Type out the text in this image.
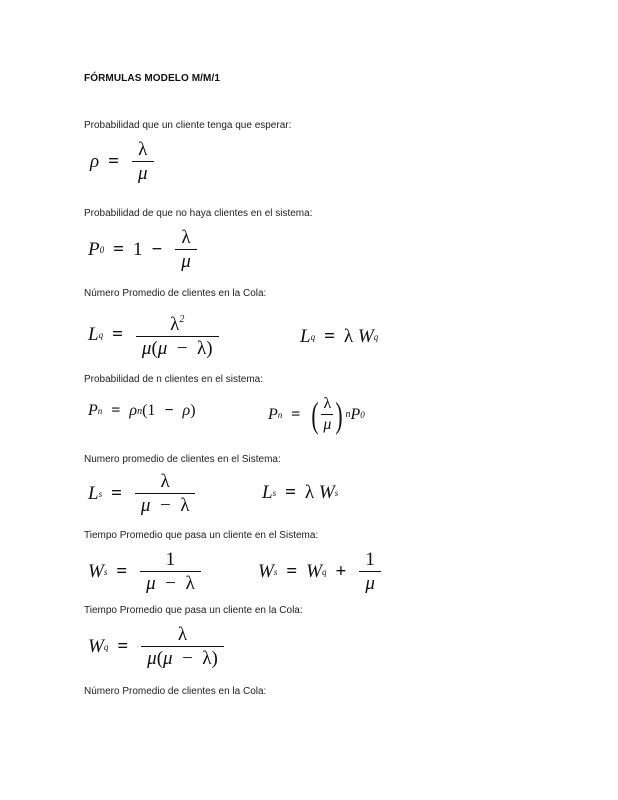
FÓRMULAS MODELO M/M/1
Probabilidad que un cliente tenga que esperar:
$\rho = \frac{\lambda}{\mu}$
Probabilidad de que no haya clientes en el sistema:
P $0 = 1 - \frac{\lambda}{\mu}$
Número Promedio de clientes en la Cola:
L $q = \frac{\lambda^2}{\mu(\mu - \lambda)}$	L q = λ
W q
Probabilidad de n clientes en el sistema:
P n = ρ n ( 1 − ρ )	P n = ( $\frac{\lambda}{\mu}$ ) n P 0
Numero promedio de clientes en el Sistema:
L $s = \frac{\lambda}{\mu - \lambda}$	L s = λ
W s
Tiempo Promedio que pasa un cliente en el Sistema:
W $s = \frac{1}{\mu - \lambda}$	W s = W $q + \frac{1}{\mu}$
Tiempo Promedio que pasa un cliente en la Cola:
W $q = \frac{\lambda}{\mu(\mu - \lambda)}$
Número Promedio de clientes en la Cola:
